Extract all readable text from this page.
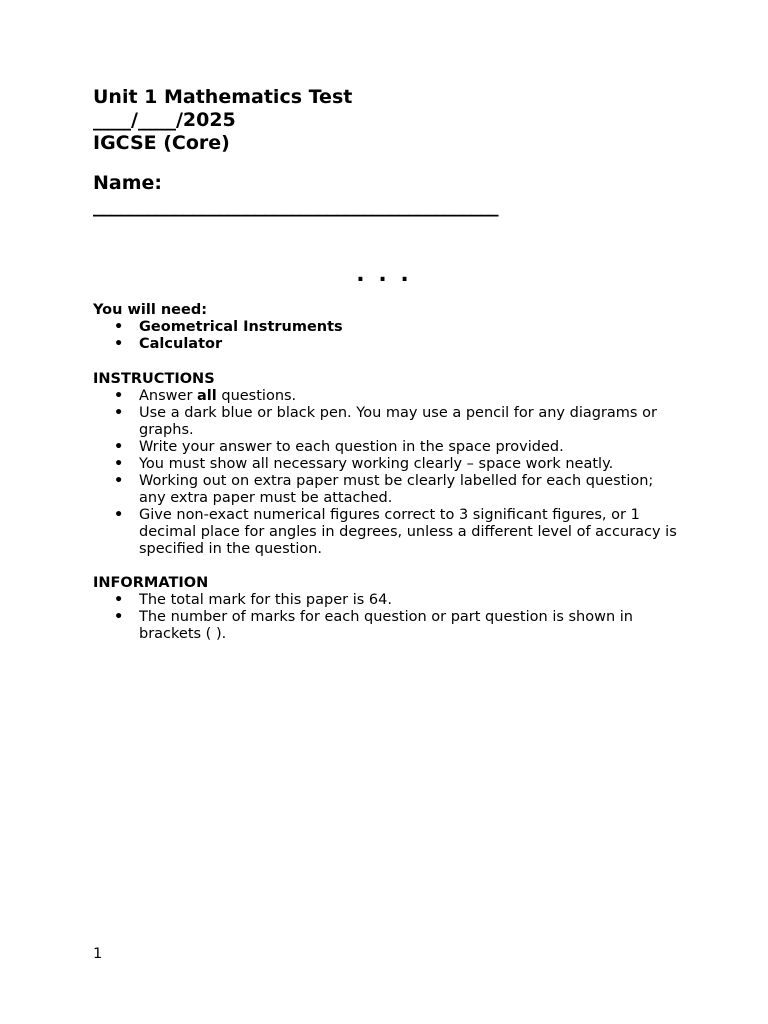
Unit 1 Mathematics Test
____/____/2025
IGCSE (Core)
Name:
_____________________________________________
. . .
You will need:
• Geometrical Instruments
• Calculator
INSTRUCTIONS
• Answer all questions.
• Use a dark blue or black pen. You may use a pencil for any diagrams or graphs.
• Write your answer to each question in the space provided.
• You must show all necessary working clearly – space work neatly.
• Working out on extra paper must be clearly labelled for each question; any extra paper must be attached.
• Give non-exact numerical figures correct to 3 significant figures, or 1 decimal place for angles in degrees, unless a different level of accuracy is specified in the question.
INFORMATION
• The total mark for this paper is 64.
• The number of marks for each question or part question is shown in brackets ( ).
1
